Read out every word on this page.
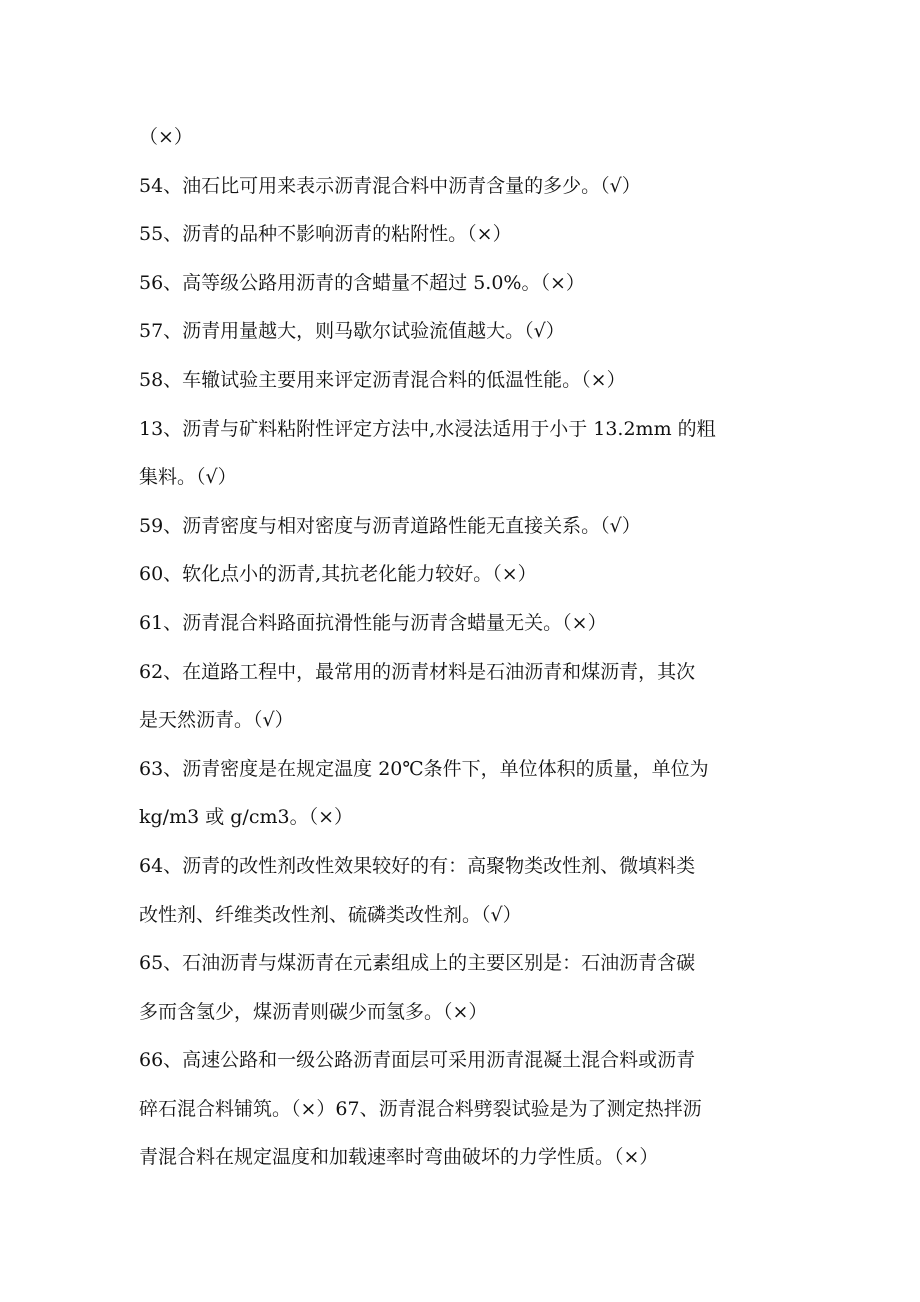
（×）
54、油石比可用来表示沥青混合料中沥青含量的多少。（√）
55、沥青的品种不影响沥青的粘附性。（×）
56、高等级公路用沥青的含蜡量不超过 5.0%。（×）
57、沥青用量越大，则马歇尔试验流值越大。（√）
58、车辙试验主要用来评定沥青混合料的低温性能。（×）
13、沥青与矿料粘附性评定方法中,水浸法适用于小于 13.2mm 的粗
集料。（√）
59、沥青密度与相对密度与沥青道路性能无直接关系。（√）
60、软化点小的沥青,其抗老化能力较好。（×）
61、沥青混合料路面抗滑性能与沥青含蜡量无关。（×）
62、在道路工程中，最常用的沥青材料是石油沥青和煤沥青，其次
是天然沥青。（√）
63、沥青密度是在规定温度 20℃条件下，单位体积的质量，单位为
kg/m3 或 g/cm3。（×）
64、沥青的改性剂改性效果较好的有：高聚物类改性剂、微填料类
改性剂、纤维类改性剂、硫磷类改性剂。（√）
65、石油沥青与煤沥青在元素组成上的主要区别是：石油沥青含碳
多而含氢少，煤沥青则碳少而氢多。（×）
66、高速公路和一级公路沥青面层可采用沥青混凝土混合料或沥青
碎石混合料铺筑。（×）67、沥青混合料劈裂试验是为了测定热拌沥
青混合料在规定温度和加载速率时弯曲破坏的力学性质。（×）
